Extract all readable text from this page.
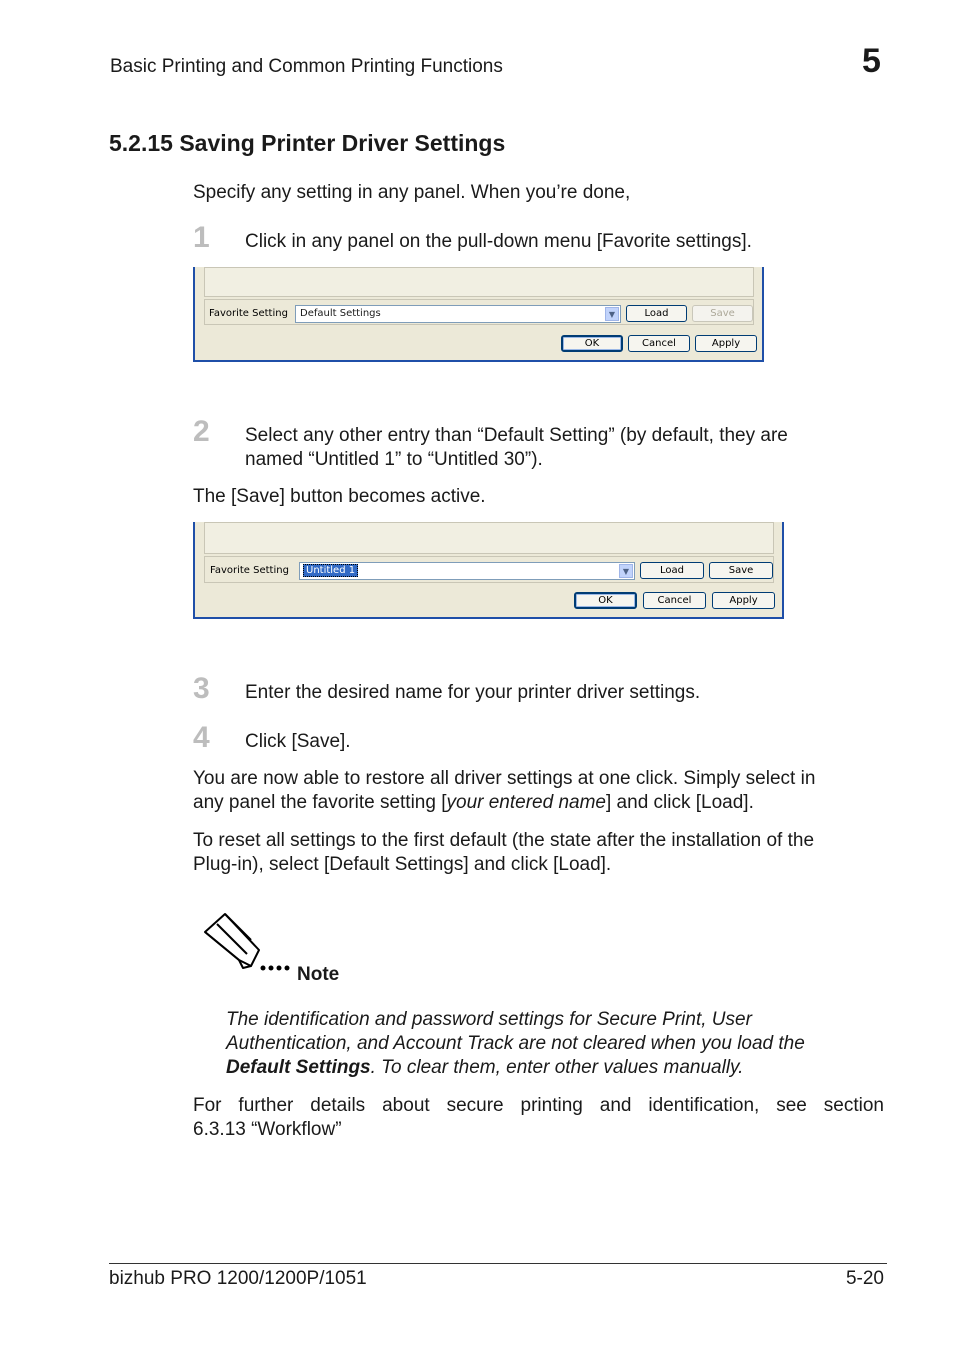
Basic Printing and Common Printing Functions	5
5.2.15 Saving Printer Driver Settings
Specify any setting in any panel. When you’re done,
1 Click in any panel on the pull-down menu [Favorite settings].
Favorite Setting Default Settings	▼	Load	Save
OK	Cancel	Apply
2 Select any other entry than “Default Setting” (by default, they are
named “Untitled 1” to “Untitled 30”).
The [Save] button becomes active.
Favorite Setting	Untitled 1	▼	Load	Save
OK	Cancel	Apply
3 Enter the desired name for your printer driver settings.
4 Click [Save].
You are now able to restore all driver settings at one click. Simply select in
any panel the favorite setting [your entered name] and click [Load].
To reset all settings to the first default (the state after the installation of the
Plug-in), select [Default Settings] and click [Load].
Note
The identification and password settings for Secure Print, User
Authentication, and Account Track are not cleared when you load the
Default Settings. To clear them, enter other values manually.
For further details about secure printing and identification, see section
6.3.13 “Workflow”
bizhub PRO 1200/1200P/1051	5-20
